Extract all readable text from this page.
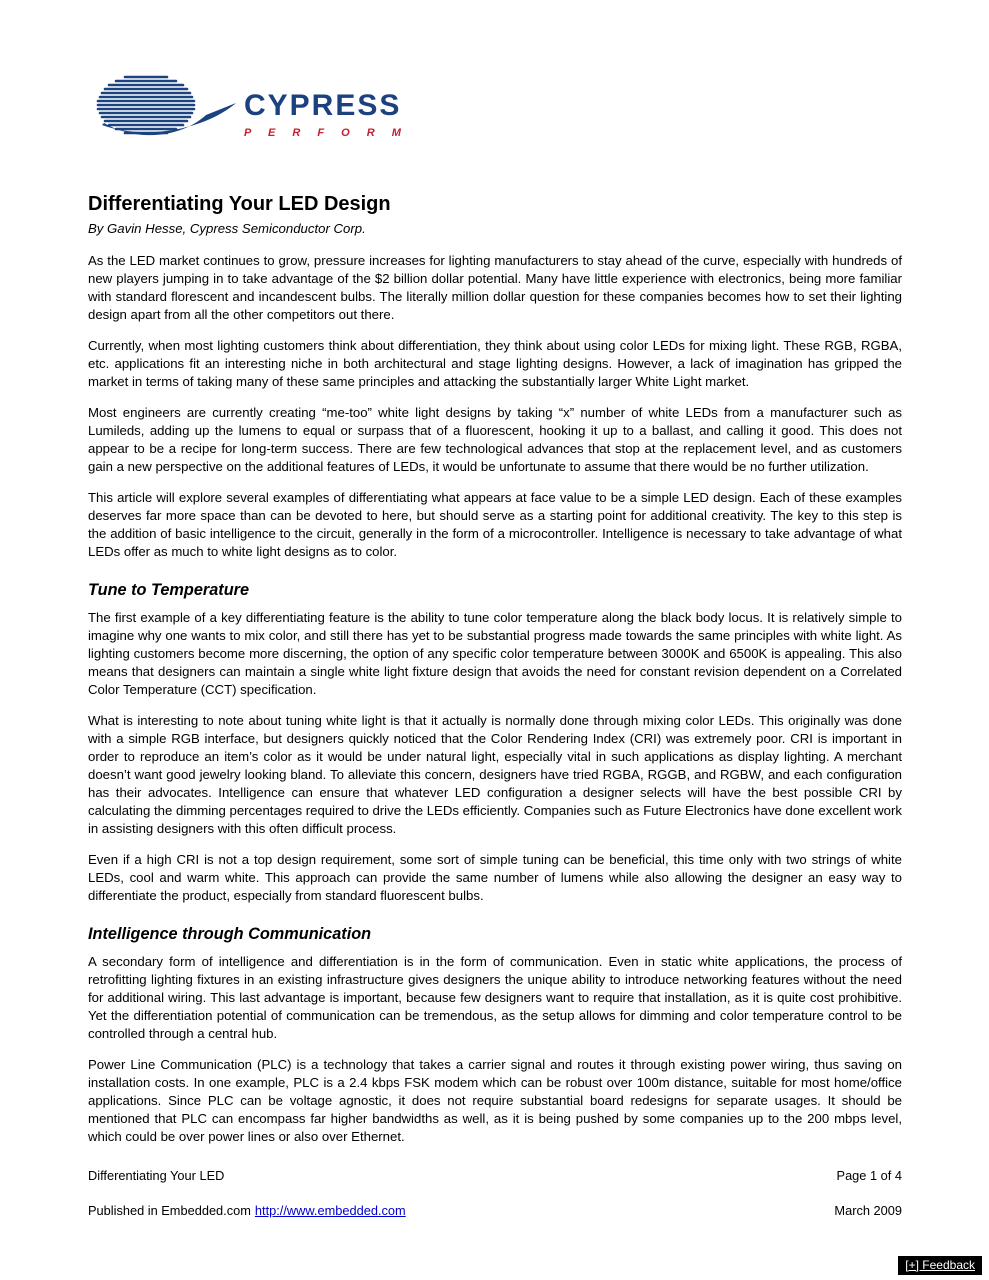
CYPRESS
P E R F O R M
Differentiating Your LED Design

By Gavin Hesse, Cypress Semiconductor Corp.

As the LED market continues to grow, pressure increases for lighting manufacturers to stay ahead of the curve, especially with hundreds of new players jumping in to take advantage of the $2 billion dollar potential. Many have little experience with electronics, being more familiar with standard florescent and incandescent bulbs. The literally million dollar question for these companies becomes how to set their lighting design apart from all the other competitors out there.

Currently, when most lighting customers think about differentiation, they think about using color LEDs for mixing light. These RGB, RGBA, etc. applications fit an interesting niche in both architectural and stage lighting designs. However, a lack of imagination has gripped the market in terms of taking many of these same principles and attacking the substantially larger White Light market.

Most engineers are currently creating “me-too” white light designs by taking “x” number of white LEDs from a manufacturer such as Lumileds, adding up the lumens to equal or surpass that of a fluorescent, hooking it up to a ballast, and calling it good. This does not appear to be a recipe for long-term success. There are few technological advances that stop at the replacement level, and as customers gain a new perspective on the additional features of LEDs, it would be unfortunate to assume that there would be no further utilization.

This article will explore several examples of differentiating what appears at face value to be a simple LED design. Each of these examples deserves far more space than can be devoted to here, but should serve as a starting point for additional creativity. The key to this step is the addition of basic intelligence to the circuit, generally in the form of a microcontroller. Intelligence is necessary to take advantage of what LEDs offer as much to white light designs as to color.

Tune to Temperature

The first example of a key differentiating feature is the ability to tune color temperature along the black body locus. It is relatively simple to imagine why one wants to mix color, and still there has yet to be substantial progress made towards the same principles with white light. As lighting customers become more discerning, the option of any specific color temperature between 3000K and 6500K is appealing. This also means that designers can maintain a single white light fixture design that avoids the need for constant revision dependent on a Correlated Color Temperature (CCT) specification.

What is interesting to note about tuning white light is that it actually is normally done through mixing color LEDs. This originally was done with a simple RGB interface, but designers quickly noticed that the Color Rendering Index (CRI) was extremely poor. CRI is important in order to reproduce an item’s color as it would be under natural light, especially vital in such applications as display lighting. A merchant doesn’t want good jewelry looking bland. To alleviate this concern, designers have tried RGBA, RGGB, and RGBW, and each configuration has their advocates. Intelligence can ensure that whatever LED configuration a designer selects will have the best possible CRI by calculating the dimming percentages required to drive the LEDs efficiently. Companies such as Future Electronics have done excellent work in assisting designers with this often difficult process.

Even if a high CRI is not a top design requirement, some sort of simple tuning can be beneficial, this time only with two strings of white LEDs, cool and warm white. This approach can provide the same number of lumens while also allowing the designer an easy way to differentiate the product, especially from standard fluorescent bulbs.

Intelligence through Communication

A secondary form of intelligence and differentiation is in the form of communication. Even in static white applications, the process of retrofitting lighting fixtures in an existing infrastructure gives designers the unique ability to introduce networking features without the need for additional wiring. This last advantage is important, because few designers want to require that installation, as it is quite cost prohibitive. Yet the differentiation potential of communication can be tremendous, as the setup allows for dimming and color temperature control to be controlled through a central hub.

Power Line Communication (PLC) is a technology that takes a carrier signal and routes it through existing power wiring, thus saving on installation costs. In one example, PLC is a 2.4 kbps FSK modem which can be robust over 100m distance, suitable for most home/office applications. Since PLC can be voltage agnostic, it does not require substantial board redesigns for separate usages. It should be mentioned that PLC can encompass far higher bandwidths as well, as it is being pushed by some companies up to the 200 mbps level, which could be over power lines or also over Ethernet.

Differentiating Your LED	Page 1 of 4
Published in Embedded.com http://www.embedded.com	March 2009
[+] Feedback
